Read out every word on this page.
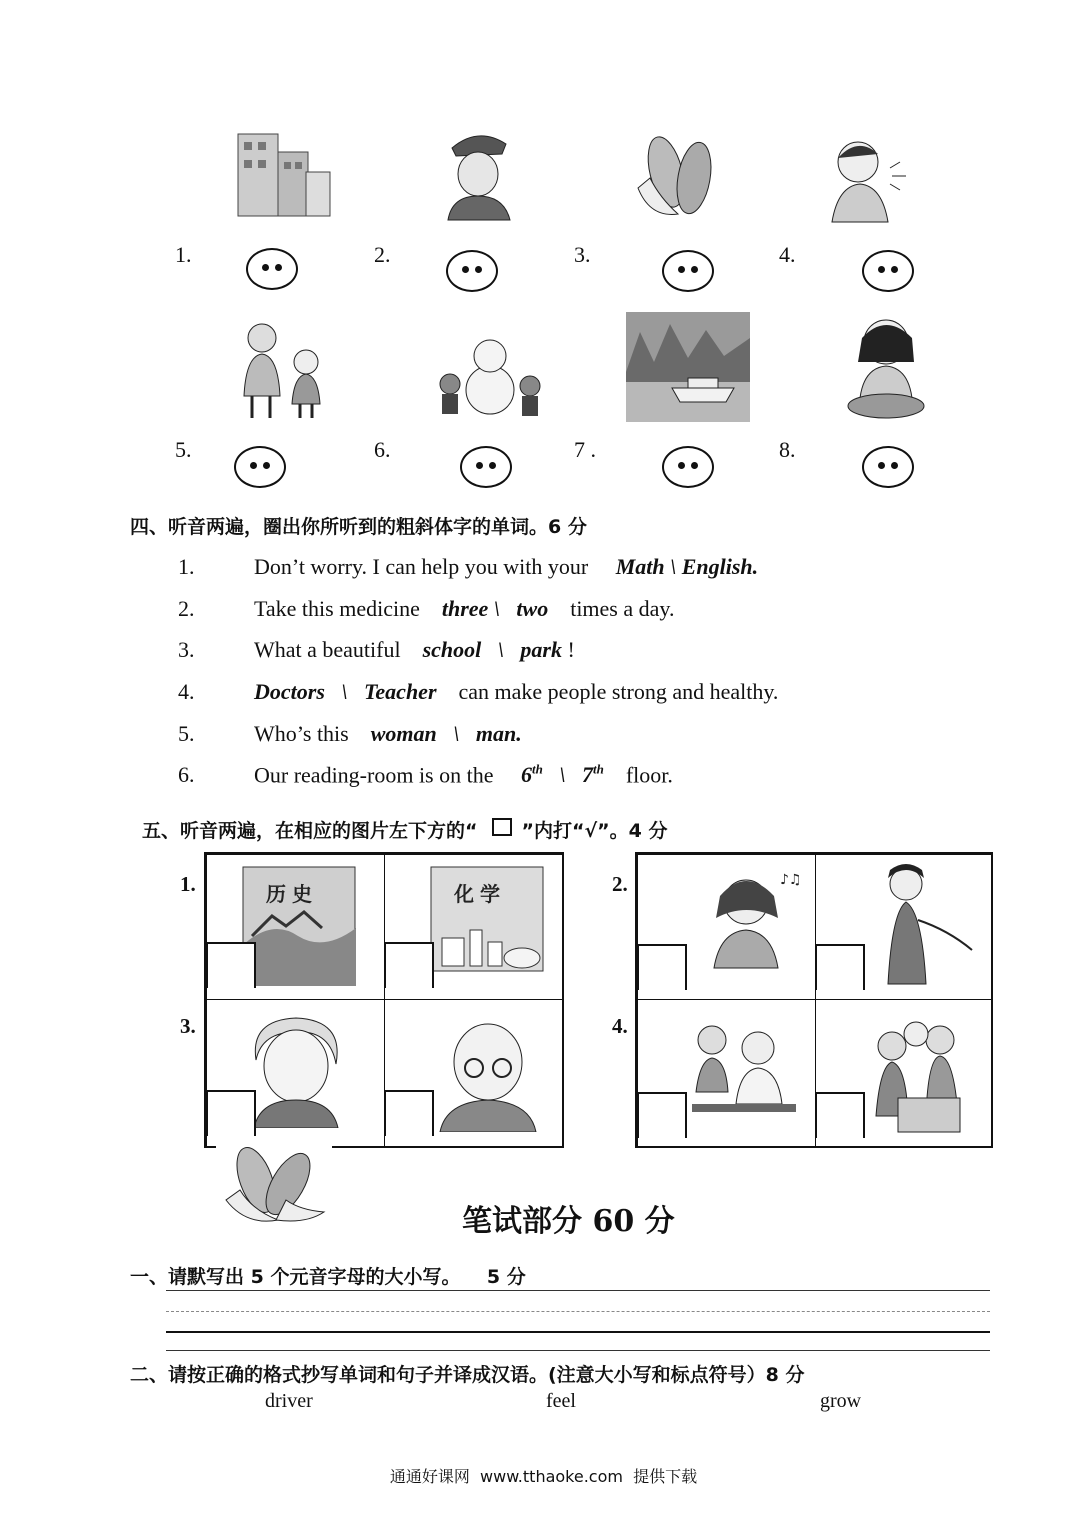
1.	2.	3.	4.
5.	6.	7 .	8.
四、听音两遍，圈出你所听到的粗斜体字的单词。6 分
1.	Don’t worry. I can help you with your Math \ English.
2.	Take this medicine three \   two times a day.
3.	What a beautiful school   \   park !
4.	Doctors   \   Teacher can make people strong and healthy.
5.	Who’s this woman   \   man.
6.	Our reading-room is on the 6th   \   7th floor.
五、听音两遍，在相应的图片左下方的“ ”内打“√”。4 分
1.
3.
历史	化学	2.
4.
♪♫
笔试部分 60 分
一、请默写出 5 个元音字母的大小写。    5 分
二、请按正确的格式抄写单词和句子并译成汉语。(注意大小写和标点符号）8 分
driver	feel	grow
通通好课网  www.tthaoke.com  提供下载
